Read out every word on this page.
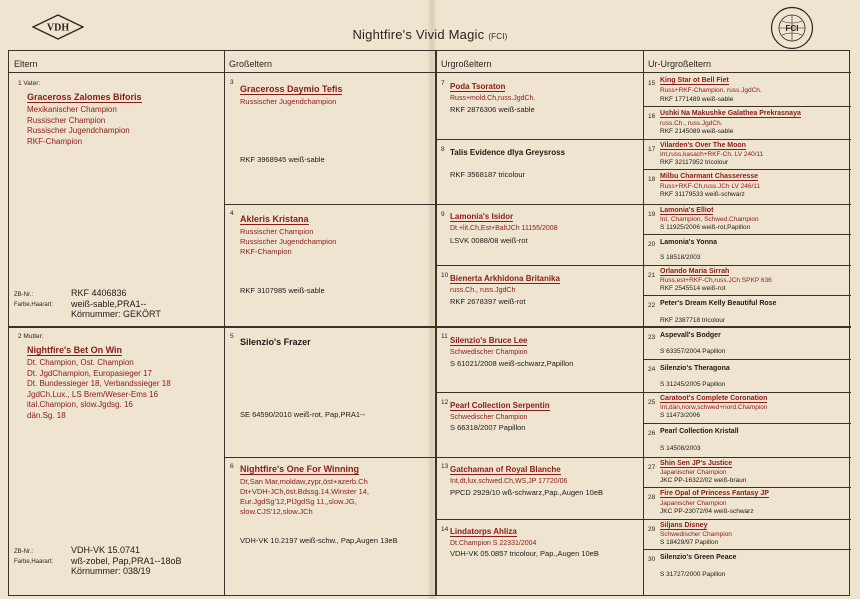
VDH	FCI
Nightfire's Vivid Magic (FCI)
Eltern	Großeltern	Urgroßeltern	Ur-Urgroßeltern
1 Vater:
Graceross Zalomes Biforis
Mexikanischer Champion
Russischer Champion
Russischer Jugendchampion
RKF-Champion
ZB-Nr.:
Farbe,Haarart:
RKF 4406836
weiß-sable,PRA1--
Körnummer: GEKÖRT
2 Mutter:
Nightfire's Bet On Win
Dt. Champion, Ost. Champion
Dt. JgdChampion, Europasieger 17
Dt. Bundessieger 18, Verbandssieger 18
JgdCh.Lux., LS Brem/Weser-Ems 16
ital.Champion, slow.Jgdsg. 16
dän.Sg. 18
ZB-Nr.:
Farbe,Haarart:
VDH-VK 15.0741
wß-zobel, Pap,PRA1--18oB
Körnummer: 038/19
3
Graceross Daymio Tefis
Russischer Jugendchampion
RKF 3968945 weiß-sable
4
Akleris Kristana
Russischer Champion
Russischer Jugendchampion
RKF-Champion
RKF 3107985 weiß-sable
5
Silenzio's Frazer
SE 64590/2010 weiß-rot, Pap,PRA1--
6 Nightfire's One For Winning
Dt,San Mar,moldaw,zypr,öst+azerb.Ch
Dt+VDH-JCh,öst.Bdssg.14,Winster 14,
Eur.JgdSg'12,PlJgdSg 11,,slow.JG,
slow.CJS'12,slow.JCh
VDH-VK 10.2197 weiß-schw., Pap,Augen 13eB
7 Poda Tsoraton
Russ+mold.Ch,russ.JgdCh.
RKF 2876306 weiß-sable
8 Talis Evidence dlya Greysross
RKF 3568187 tricolour
9 Lamonia's Isidor
Dt.+lit.Ch,Est+BaltJCh 11155/2008
LSVK 0088/08 weiß-rot
10 Bienerta Arkhidona Britanika
russ.Ch., russ.JgdCh
RKF 2678397 weiß-rot
11 Silenzio's Bruce Lee
Schwedischer Champion
S 61021/2008 weiß-schwarz,Papillon
12 Pearl Collection Serpentin
Schwedischer Champion
S 66318/2007 Papillon
13 Gatchaman of Royal Blanche
Int,dt,lux.schwed.Ch,WS,JP 17720/06
PPCD 2929/10 wß-schwarz,Pap.,Augen 10eB
14 Lindatorps Ahliza
Dt.Champion S 22331/2004
VDH-VK 05.0857 tricolour, Pap.,Augen 10eB
15 King Star ot Bell Fiet
Russ+RKF-Champion, russ.JgdCh.
RKF 1771489 weiß-sable
16 Ushki Na Makushke Galathea Prekrasnaya
russ.Ch., russ.JgdCh.
RKF 2145089 weiß-sable
17
Vilarden's Over The Moon
Int,russ,kasach+RKF-Ch. LV 240/11
RKF 32117952 tricolour
18 Milbu Charmant Chasseresse
Russ+RKF-Ch,russ.JCh LV 246/11
RKF 31179533 weiß-schwarz
19
Lamonia's Elliot
Int. Champion, Schwed.Champion
S 11925/2006 weiß-rot,Papillon
20 Lamonia's Yonna
S 18518/2003
21
Orlando Maria Sirrah
Russ,est+RKF-Ch,russ.JCh SPKP 636
RKF 2545514 weiß-rot
22 Peter's Dream Kelly Beautiful Rose
RKF 2387718 tricolour
23 Aspevall's Bodger
S 63357/2004 Papillon
24 Silenzio's Theragona
S 31245/2005 Papillon
25
Caratoot's Complete Coronation
Int,dän,norw,schwed+nord.Champion
S 11473/2006
26 Pearl Collection Kristall
S 14508/2003
27
Shin Sen JP's Justice
Japanischer Champion
JKC PP-16322/02 weiß-braun
28
Fire Opal of Princess Fantasy JP
Japanischer Champion
JKC PP-23072/04 weiß-schwarz
29
Siljans Disney
Schwedischer Champion
S 18429/97 Papillon
30 Silenzio's Green Peace
S 31727/2000 Papillon
